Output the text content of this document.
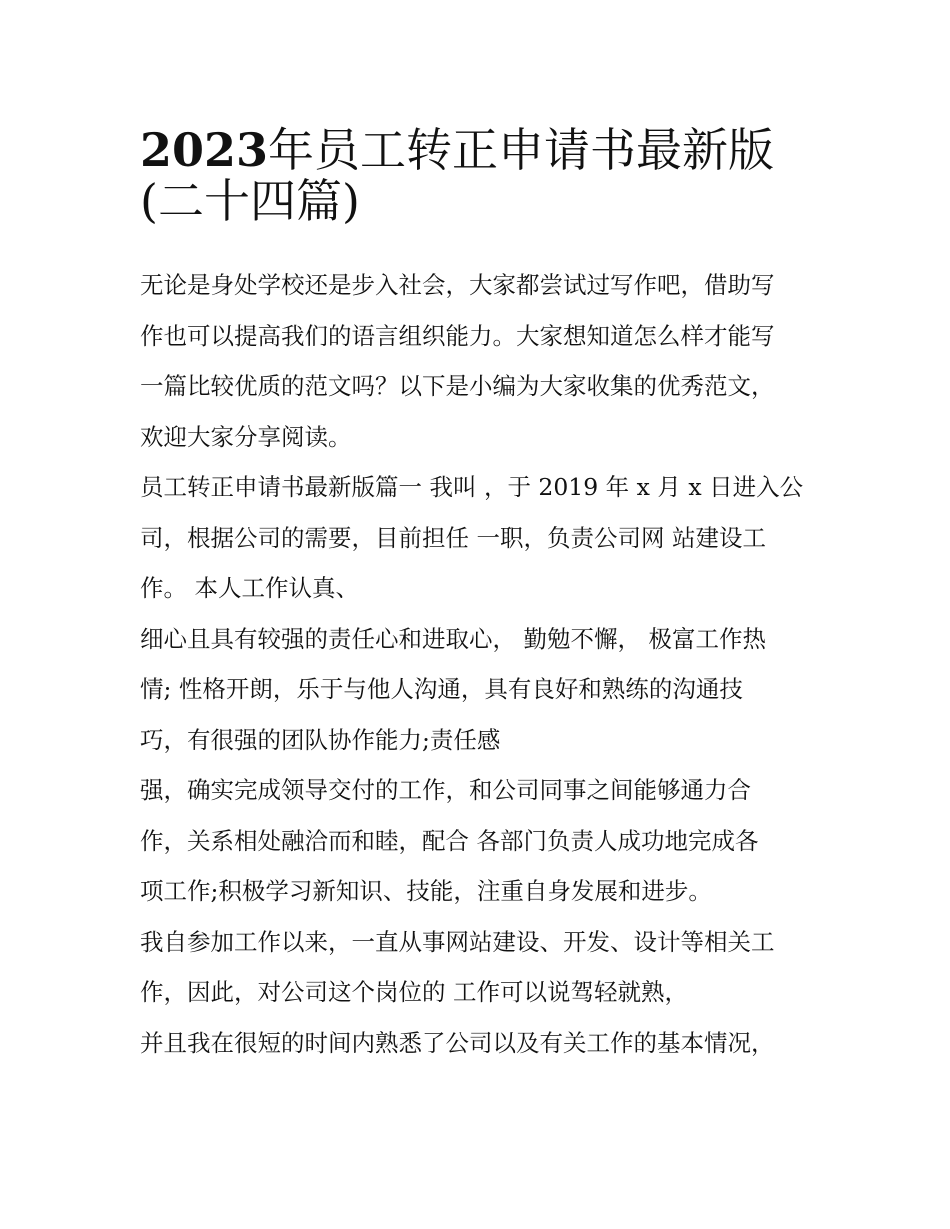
2023年员工转正申请书最新版
(二十四篇)
无论是身处学校还是步入社会，大家都尝试过写作吧，借助写
作也可以提高我们的语言组织能力。大家想知道怎么样才能写
一篇比较优质的范文吗？以下是小编为大家收集的优秀范文，
欢迎大家分享阅读。
员工转正申请书最新版篇一 我叫 ，于 2019 年 x 月 x 日进入公
司，根据公司的需要，目前担任 一职，负责公司网 站建设工
作。 本人工作认真、
细心且具有较强的责任心和进取心， 勤勉不懈， 极富工作热
情; 性格开朗，乐于与他人沟通，具有良好和熟练的沟通技
巧，有很强的团队协作能力;责任感
强，确实完成领导交付的工作，和公司同事之间能够通力合
作，关系相处融洽而和睦，配合 各部门负责人成功地完成各
项工作;积极学习新知识、技能，注重自身发展和进步。
我自参加工作以来，一直从事网站建设、开发、设计等相关工
作，因此，对公司这个岗位的 工作可以说驾轻就熟，
并且我在很短的时间内熟悉了公司以及有关工作的基本情况，
